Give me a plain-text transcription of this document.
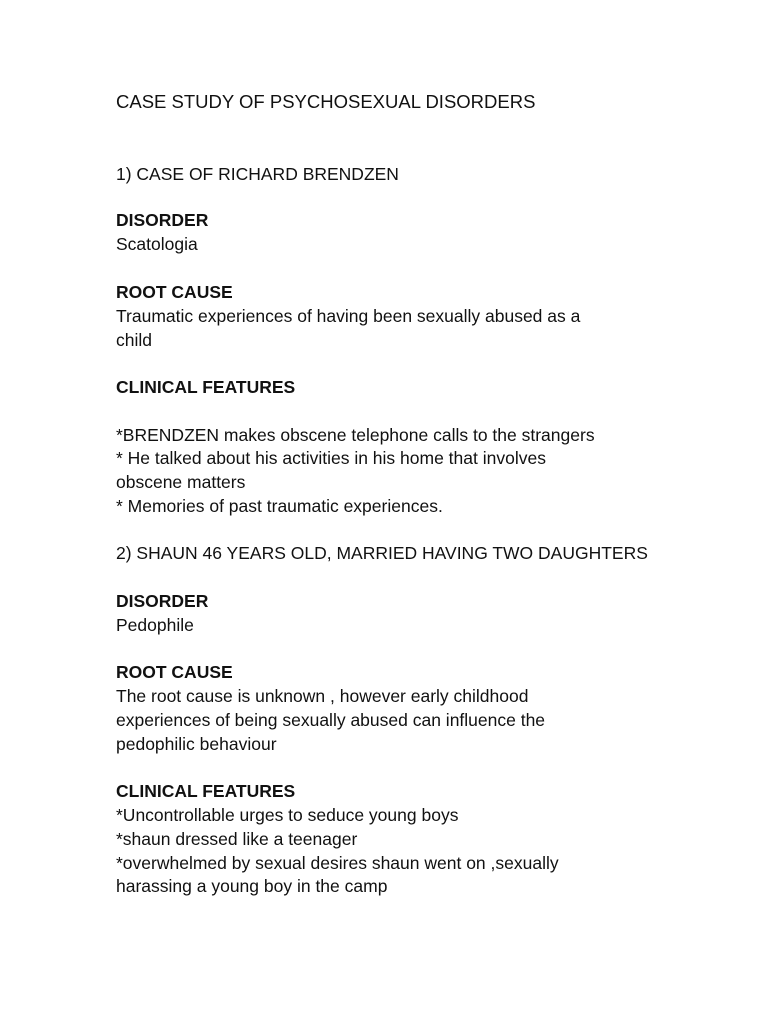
CASE STUDY OF PSYCHOSEXUAL DISORDERS

1) CASE OF RICHARD BRENDZEN

DISORDER

Scatologia

ROOT CAUSE

Traumatic experiences of having been sexually abused as a

child

CLINICAL FEATURES

*BRENDZEN makes obscene telephone calls to the strangers

* He talked about his activities in his home that involves

obscene matters

* Memories of past traumatic experiences.

2) SHAUN 46 YEARS OLD, MARRIED HAVING TWO DAUGHTERS

DISORDER

Pedophile

ROOT CAUSE

The root cause is unknown , however early childhood

experiences of being sexually abused can influence the

pedophilic behaviour

CLINICAL FEATURES

*Uncontrollable urges to seduce young boys

*shaun dressed like a teenager

*overwhelmed by sexual desires shaun went on ,sexually

harassing a young boy in the camp
